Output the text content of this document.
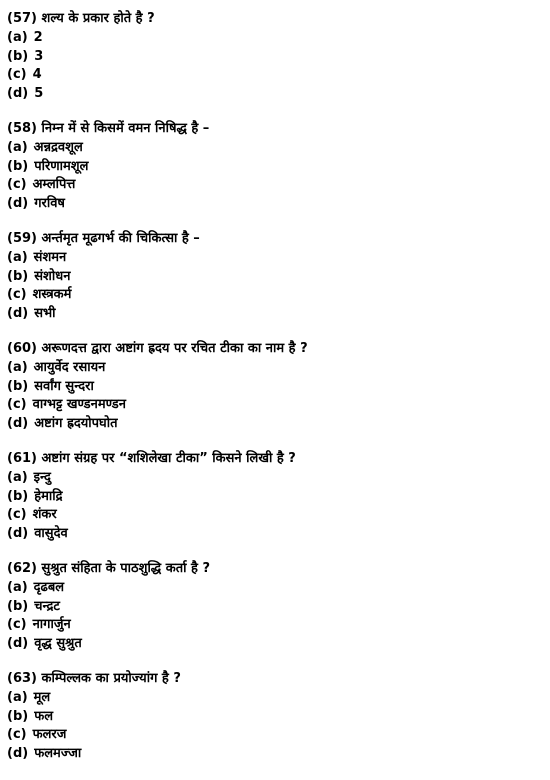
(57) शल्य के प्रकार होते है ?
(a) 2
(b) 3
(c) 4
(d) 5
(58) निम्न में से किसमें वमन निषिद्ध है –
(a) अन्नद्रवशूल
(b) परिणामशूल
(c) अम्लपित्त
(d) गरविष
(59) अर्न्तमृत मूढगर्भ की चिकित्सा है –
(a) संशमन
(b) संशोधन
(c) शस्त्रकर्म
(d) सभी
(60) अरूणदत्त द्वारा अष्टांग ह्रदय पर रचित टीका का नाम है ?
(a) आयुर्वेद रसायन
(b) सर्वांग सुन्दरा
(c) वाग्भट्ट खण्डनमण्डन
(d) अष्टांग ह्रदयोपघोत
(61) अष्टांग संग्रह पर “शशिलेखा टीका” किसने लिखी है ?
(a) इन्दु
(b) हेमाद्रि
(c) शंकर
(d) वासुदेव
(62) सुश्रुत संहिता के पाठशुद्धि कर्ता है ?
(a) दृढबल
(b) चन्द्रट
(c) नागार्जुन
(d) वृद्ध सुश्रुत
(63) कम्पिल्लक का प्रयोज्यांग है ?
(a) मूल
(b) फल
(c) फलरज
(d) फलमज्जा
